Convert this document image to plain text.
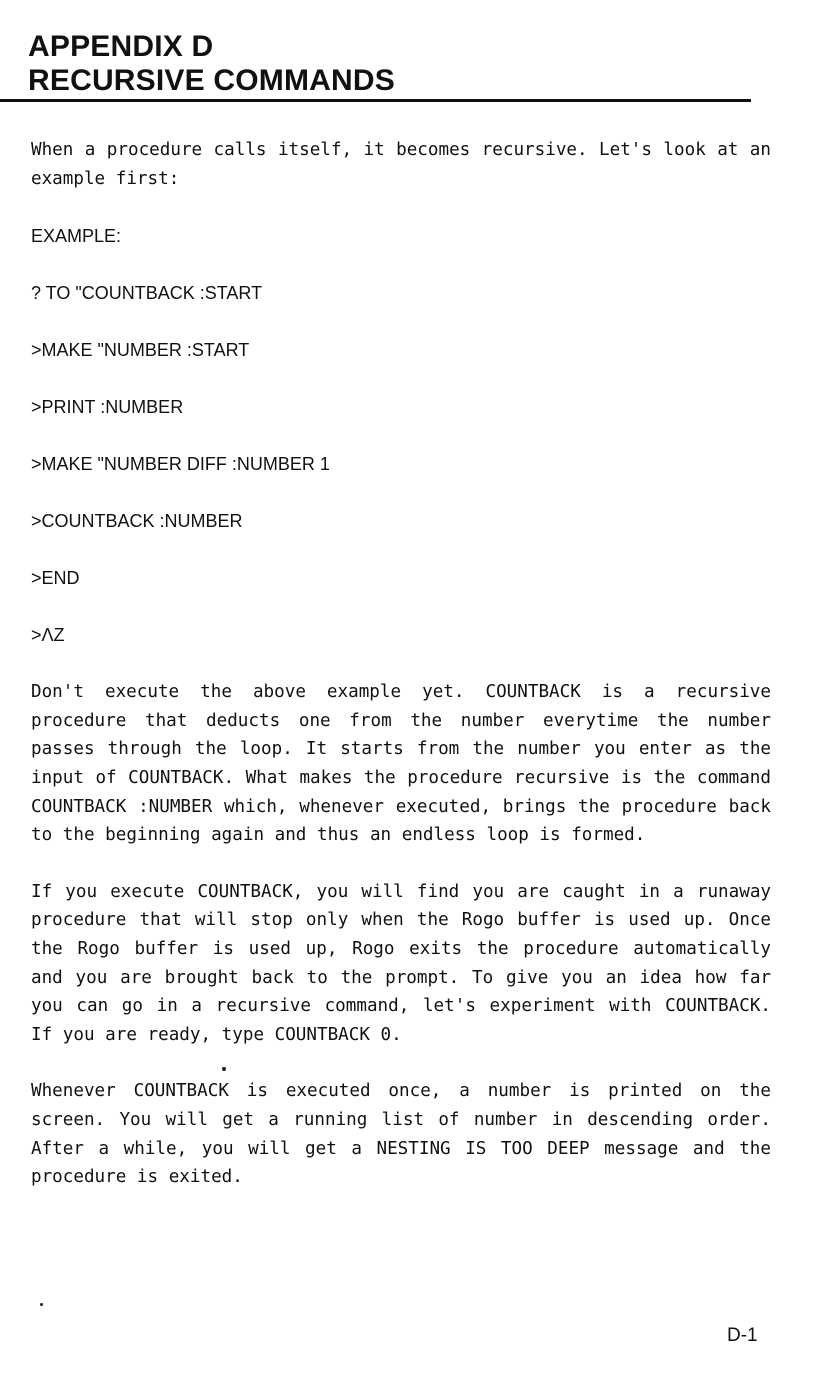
APPENDIX D
RECURSIVE COMMANDS

When a procedure calls itself, it becomes recursive. Let's look at an example first:

EXAMPLE:

? TO "COUNTBACK :START

>MAKE "NUMBER :START

>PRINT :NUMBER

>MAKE "NUMBER DIFF :NUMBER 1

>COUNTBACK :NUMBER

>END

>ΛZ

Don't execute the above example yet. COUNTBACK is a recursive procedure that deducts one from the number everytime the number passes through the loop. It starts from the number you enter as the input of COUNTBACK. What makes the procedure recursive is the command COUNTBACK :NUMBER which, whenever executed, brings the procedure back to the beginning again and thus an endless loop is formed.

If you execute COUNTBACK, you will find you are caught in a runaway procedure that will stop only when the Rogo buffer is used up. Once the Rogo buffer is used up, Rogo exits the procedure automatically and you are brought back to the prompt. To give you an idea how far you can go in a recursive command, let's experiment with COUNTBACK. If you are ready, type COUNTBACK 0.

Whenever COUNTBACK is executed once, a number is printed on the screen. You will get a running list of number in descending order. After a while, you will get a NESTING IS TOO DEEP message and the procedure is exited.

D-1
